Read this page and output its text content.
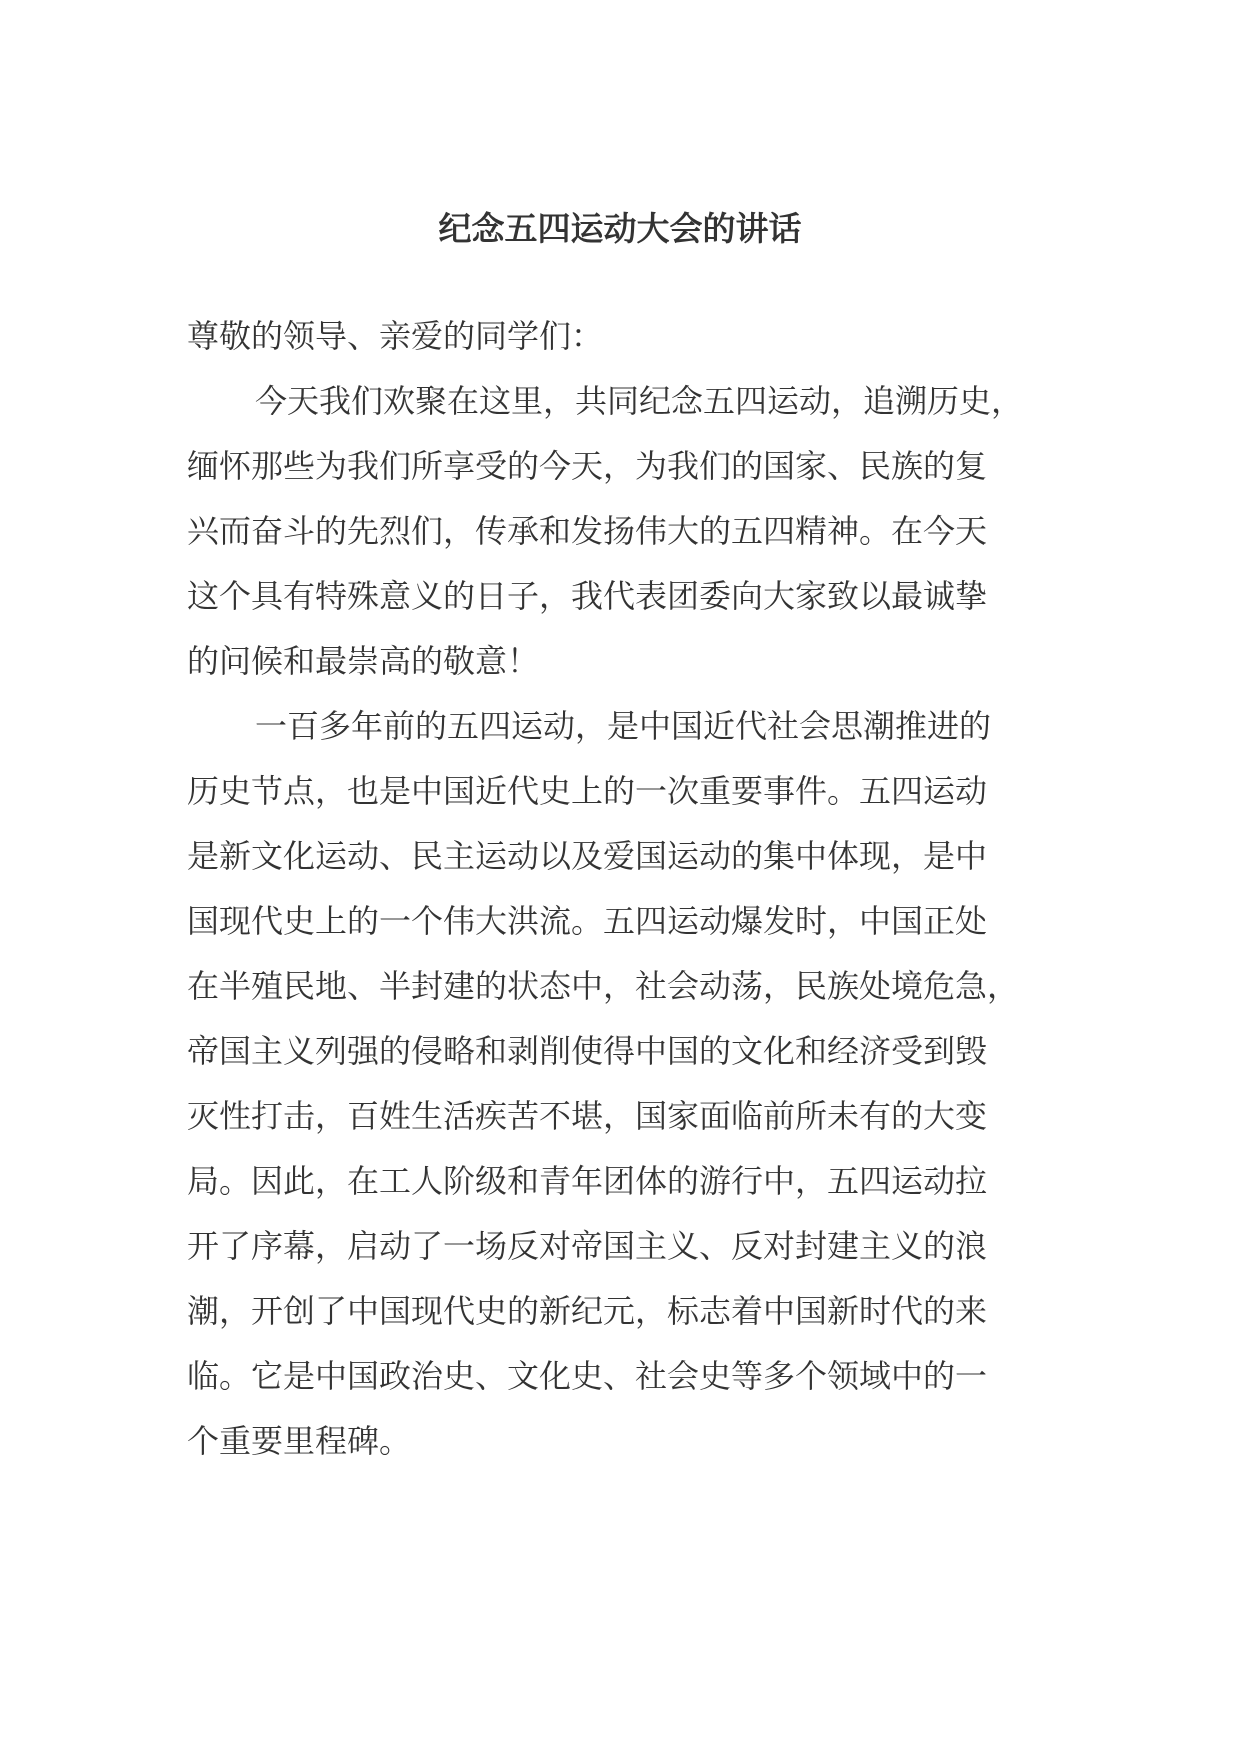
纪念五四运动大会的讲话
尊敬的领导、亲爱的同学们：
今天我们欢聚在这里，共同纪念五四运动，追溯历史，
缅怀那些为我们所享受的今天，为我们的国家、民族的复
兴而奋斗的先烈们，传承和发扬伟大的五四精神。在今天
这个具有特殊意义的日子，我代表团委向大家致以最诚挚
的问候和最崇高的敬意！
一百多年前的五四运动，是中国近代社会思潮推进的
历史节点，也是中国近代史上的一次重要事件。五四运动
是新文化运动、民主运动以及爱国运动的集中体现，是中
国现代史上的一个伟大洪流。五四运动爆发时，中国正处
在半殖民地、半封建的状态中，社会动荡，民族处境危急，
帝国主义列强的侵略和剥削使得中国的文化和经济受到毁
灭性打击，百姓生活疾苦不堪，国家面临前所未有的大变
局。因此，在工人阶级和青年团体的游行中，五四运动拉
开了序幕，启动了一场反对帝国主义、反对封建主义的浪
潮，开创了中国现代史的新纪元，标志着中国新时代的来
临。它是中国政治史、文化史、社会史等多个领域中的一
个重要里程碑。
